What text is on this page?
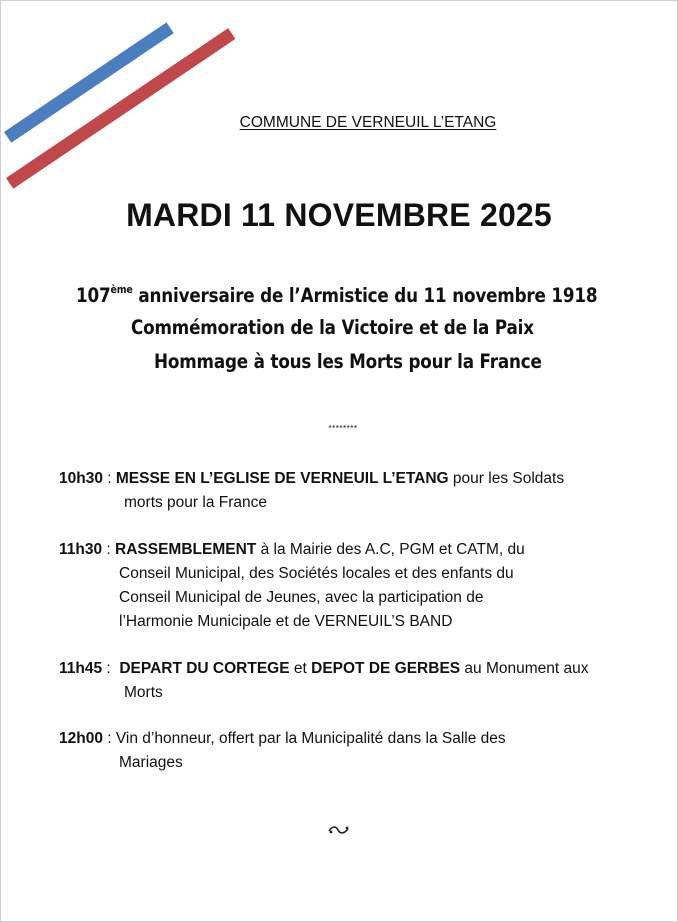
COMMUNE DE VERNEUIL L’ETANG
MARDI 11 NOVEMBRE 2025
107ème anniversaire de l’Armistice du 11 novembre 1918
Commémoration de la Victoire et de la Paix
Hommage à tous les Morts pour la France
********
10h30 : MESSE EN L’EGLISE DE VERNEUIL L’ETANG pour les Soldats
morts pour la France
11h30 : RASSEMBLEMENT à la Mairie des A.C, PGM et CATM, du
Conseil Municipal, des Sociétés locales et des enfants du
Conseil Municipal de Jeunes, avec la participation de
l’Harmonie Municipale et de VERNEUIL’S BAND
11h45 :  DEPART DU CORTEGE et DEPOT DE GERBES au Monument aux
Morts
12h00 : Vin d’honneur, offert par la Municipalité dans la Salle des
Mariages
